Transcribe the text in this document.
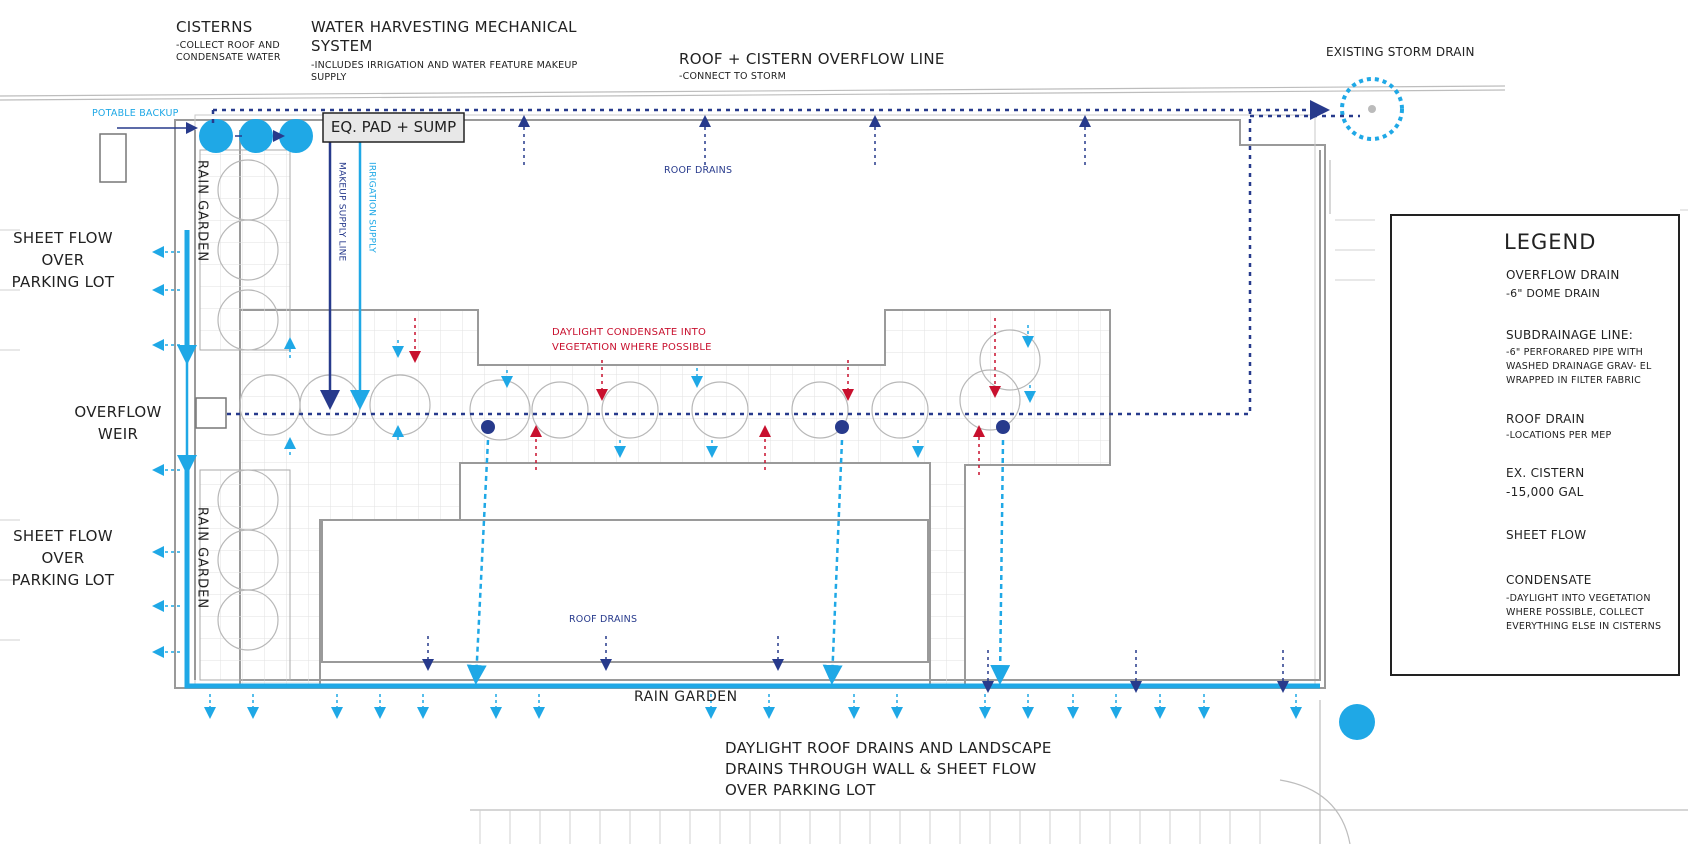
CISTERNS
-COLLECT ROOF AND CONDENSATE WATER
WATER HARVESTING MECHANICAL SYSTEM
-INCLUDES IRRIGATION AND WATER FEATURE MAKEUP SUPPLY
ROOF + CISTERN OVERFLOW LINE
-CONNECT TO STORM
EXISTING STORM DRAIN
POTABLE BACKUP
EQ. PAD + SUMP
ROOF DRAINS
ROOF DRAINS
MAKEUP SUPPLY LINE IRRIGATION SUPPLY
RAIN GARDEN
RAIN GARDEN
RAIN GARDEN
SHEET FLOW OVER PARKING LOT
SHEET FLOW OVER PARKING LOT
OVERFLOW WEIR
DAYLIGHT CONDENSATE INTO VEGETATION WHERE POSSIBLE
DAYLIGHT ROOF DRAINS AND LANDSCAPE DRAINS THROUGH WALL & SHEET FLOW OVER PARKING LOT
LEGEND
OVERFLOW DRAIN
-6" DOME DRAIN
SUBDRAINAGE LINE:
-6" PERFORARED PIPE WITH WASHED DRAINAGE GRAV- EL WRAPPED IN FILTER FABRIC
ROOF DRAIN
-LOCATIONS PER MEP
EX. CISTERN
-15,000 GAL
SHEET FLOW
CONDENSATE
-DAYLIGHT INTO VEGETATION WHERE POSSIBLE, COLLECT EVERYTHING ELSE IN CISTERNS
